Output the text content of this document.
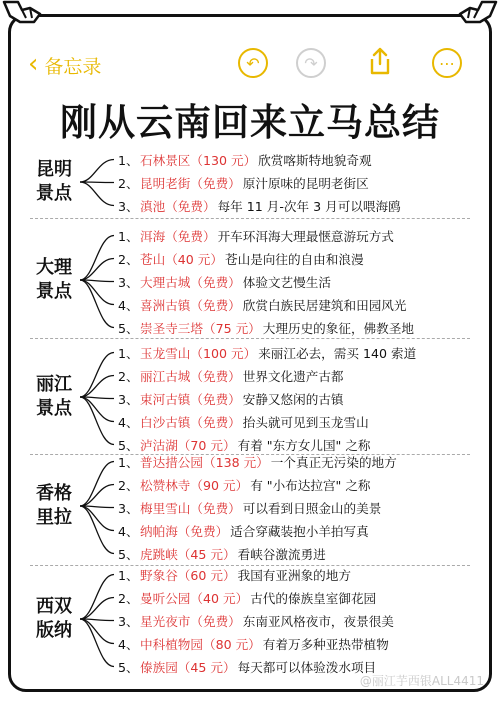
‹ 备忘录	↶	↷	⋯
刚从云南回来立马总结
昆明
景点
1、 石林景区 （130 元） 欣赏喀斯特地貌奇观
2、 昆明老街 （免费） 原汁原味的昆明老街区
3、 滇池 （免费） 每年 11 月-次年 3 月可以喂海鸥
大理
景点
1、 洱海 （免费） 开车环洱海大理最惬意游玩方式
2、 苍山 （40 元） 苍山是向往的自由和浪漫
3、 大理古城 （免费） 体验文艺慢生活
4、 喜洲古镇 （免费） 欣赏白族民居建筑和田园风光
5、 崇圣寺三塔 （75 元） 大理历史的象征，佛教圣地
丽江
景点
1、 玉龙雪山 （100 元） 来丽江必去，需买 140 索道
2、 丽江古城 （免费） 世界文化遗产古都
3、 束河古镇 （免费） 安静又悠闲的古镇
4、 白沙古镇 （免费） 抬头就可见到玉龙雪山
5、 泸沽湖 （70 元） 有着 "东方女儿国" 之称
香格
里拉
1、 普达措公园 （138 元） 一个真正无污染的地方
2、 松赞林寺 （90 元） 有 "小布达拉宫" 之称
3、 梅里雪山 （免费） 可以看到日照金山的美景
4、 纳帕海 （免费） 适合穿藏装抱小羊拍写真
5、 虎跳峡 （45 元） 看峡谷激流勇进
西双
版纳
1、 野象谷 （60 元） 我国有亚洲象的地方
2、 曼听公园 （40 元） 古代的傣族皇室御花园
3、 星光夜市 （免费） 东南亚风格夜市，夜景很美
4、 中科植物园 （80 元） 有着万多种亚热带植物
5、 傣族园 （45 元） 每天都可以体验泼水项目
@丽江芋西银ALL4411
